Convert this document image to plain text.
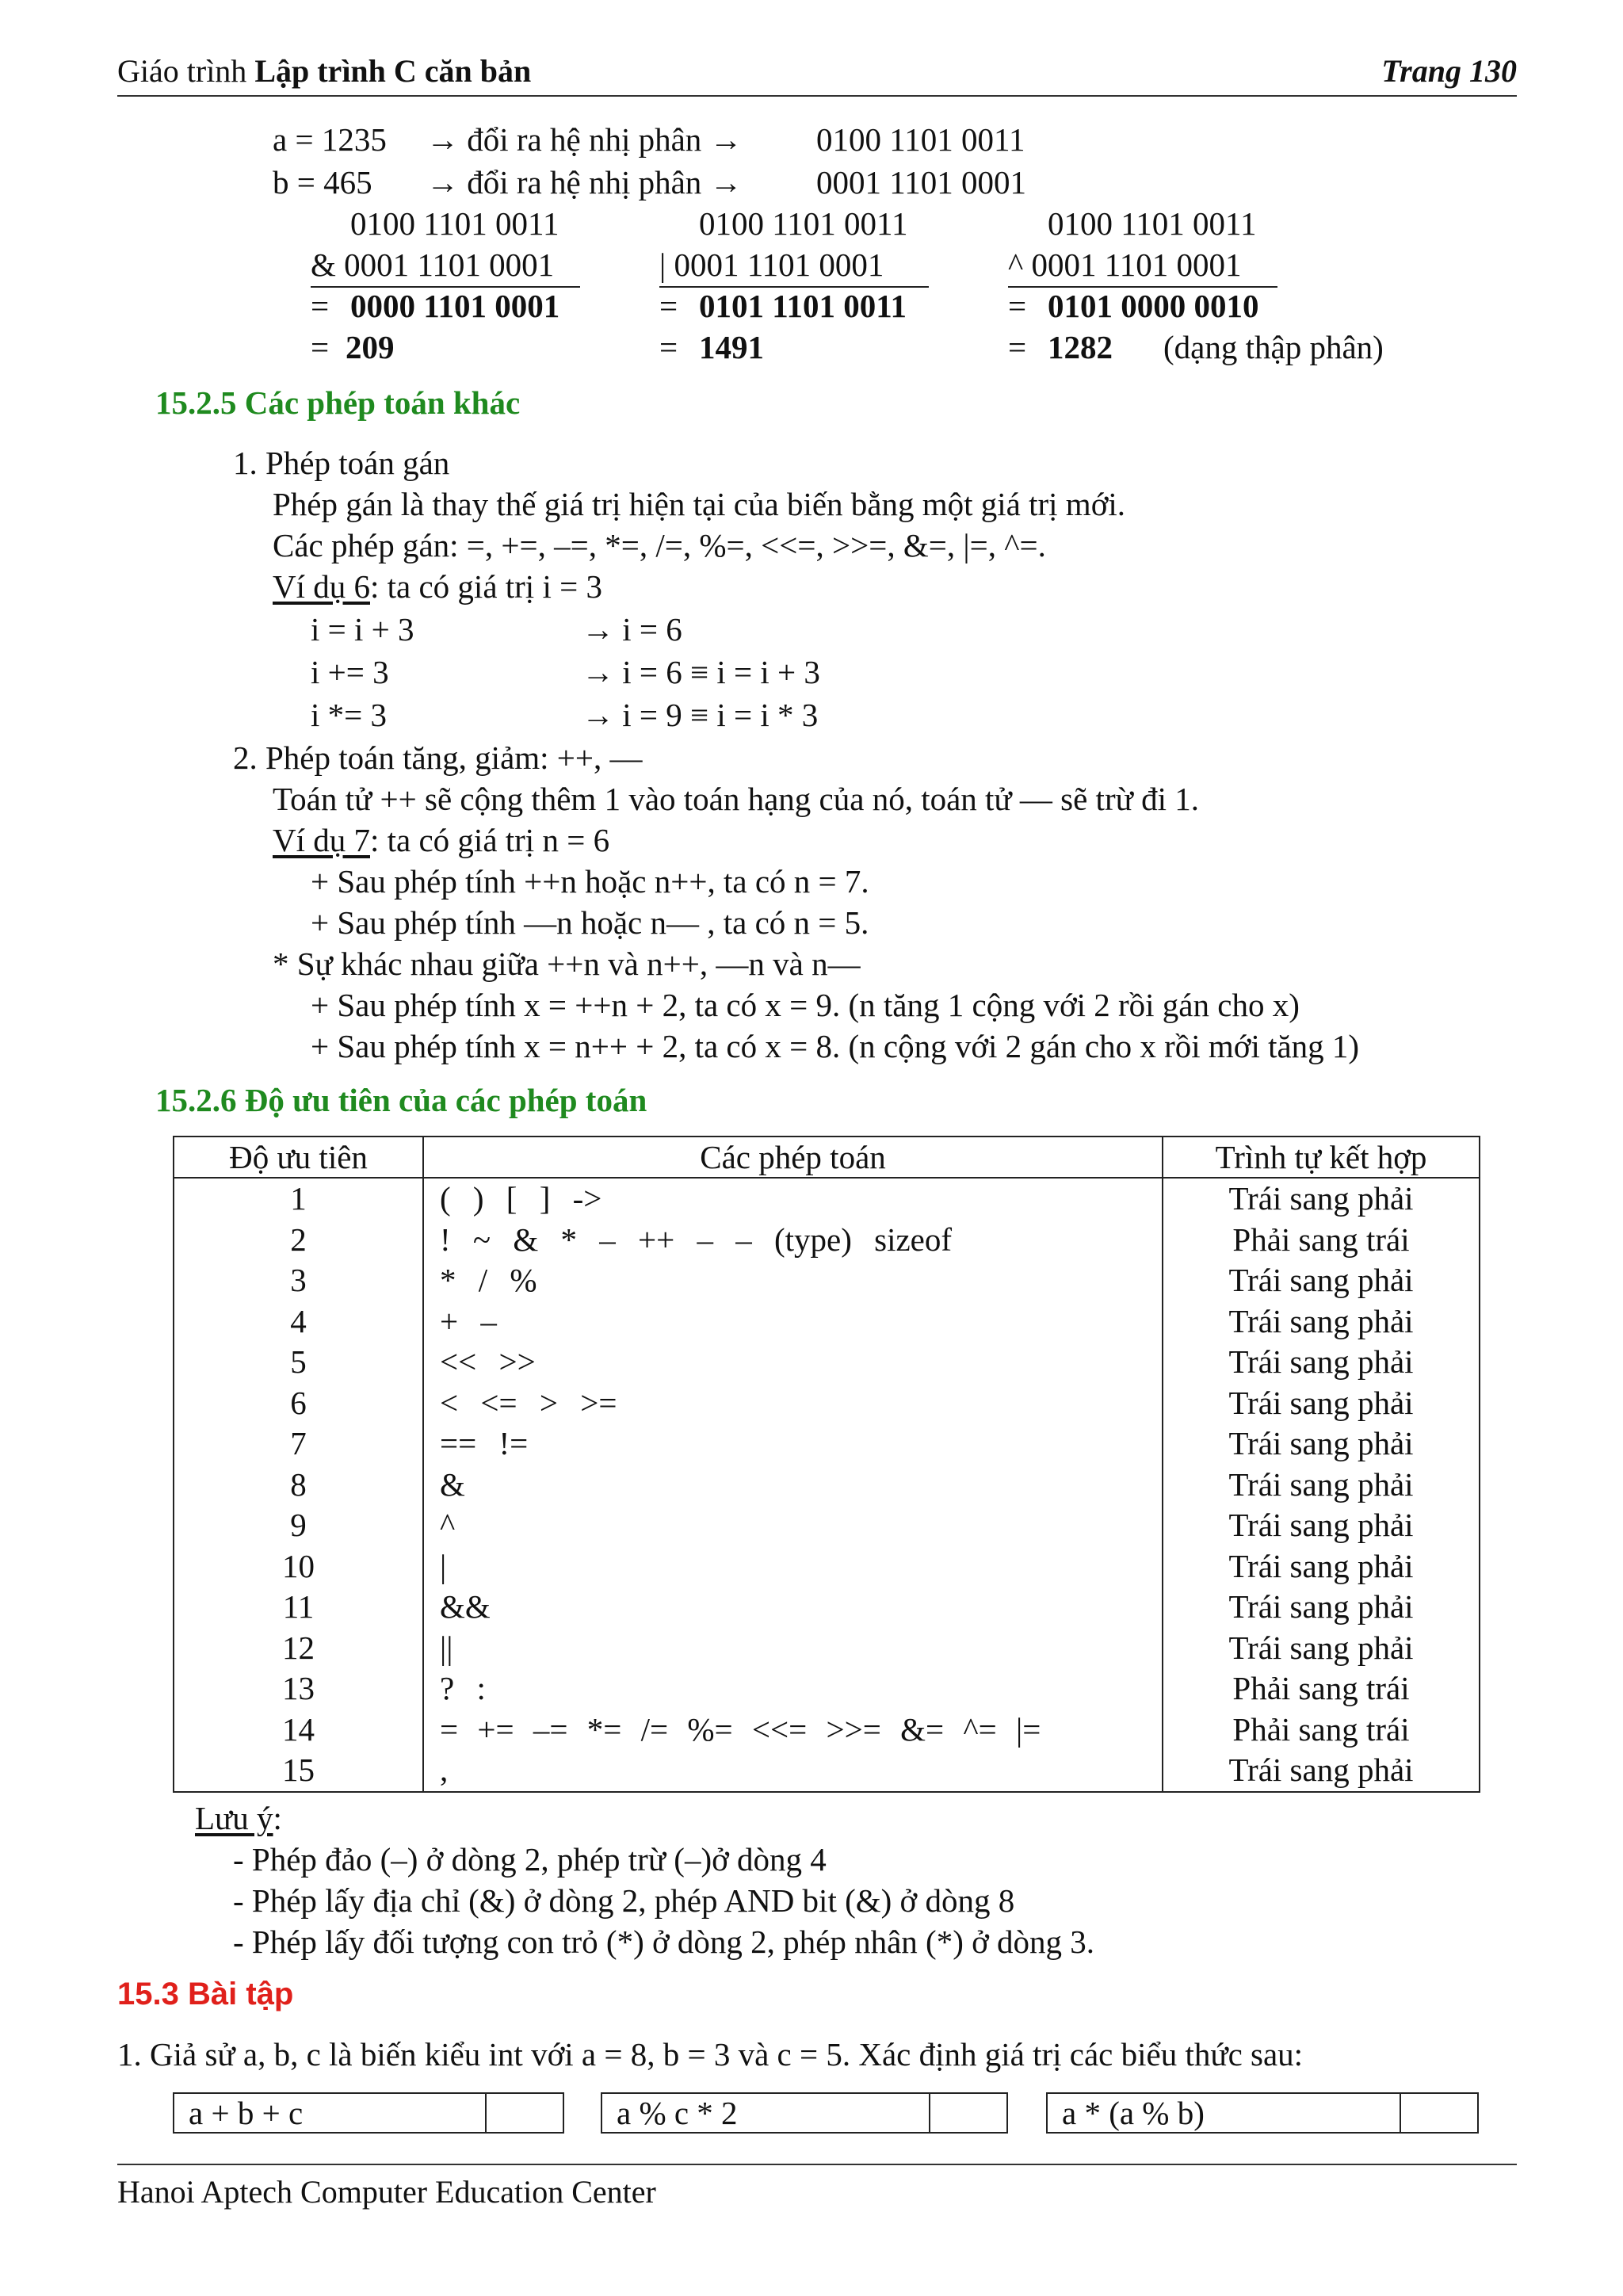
Giáo trình Lập trình C căn bản	Trang 130
a = 1235 → đổi ra hệ nhị phân → 0100 1101 0011
b = 465 → đổi ra hệ nhị phân → 0001 1101 0001
0100 1101 0011
& 0001 1101 0001
= 0000 1101 0001
= 209
0100 1101 0011
| 0001 1101 0001
= 0101 1101 0011
= 1491
0100 1101 0011
^ 0001 1101 0001
= 0101 0000 0010
= 1282 (dạng thập phân)
15.2.5 Các phép toán khác
1. Phép toán gán
Phép gán là thay thế giá trị hiện tại của biến bằng một giá trị mới.
Các phép gán: =, +=, –=, *=, /=, %=, <<=, >>=, &=, |=, ^=.
Ví dụ 6: ta có giá trị i = 3
i = i + 3	→ i = 6
i += 3	→ i = 6 ≡ i = i + 3
i *= 3	→ i = 9 ≡ i = i * 3
2. Phép toán tăng, giảm: ++, —
Toán tử ++ sẽ cộng thêm 1 vào toán hạng của nó, toán tử — sẽ trừ đi 1.
Ví dụ 7: ta có giá trị n = 6
+ Sau phép tính ++n hoặc n++, ta có n = 7.
+ Sau phép tính —n hoặc n— , ta có n = 5.
* Sự khác nhau giữa ++n và n++, —n và n—
+ Sau phép tính x = ++n + 2, ta có x = 9. (n tăng 1 cộng với 2 rồi gán cho x)
+ Sau phép tính x = n++ + 2, ta có x = 8. (n cộng với 2 gán cho x rồi mới tăng 1)
15.2.6 Độ ưu tiên của các phép toán
Độ ưu tiên	Các phép toán	Trình tự kết hợp
1	( ) [ ] ->	Trái sang phải
2	! ~ & * – ++ – – (type) sizeof	Phải sang trái
3	* / %	Trái sang phải
4	+ –	Trái sang phải
5	<< >>	Trái sang phải
6	< <= > >=	Trái sang phải
7	== !=	Trái sang phải
8	&	Trái sang phải
9	^	Trái sang phải
10	|	Trái sang phải
11	&&	Trái sang phải
12	||	Trái sang phải
13	? :	Phải sang trái
14	= += –= *= /= %= <<= >>= &= ^= |=	Phải sang trái
15	,	Trái sang phải
Lưu ý:
- Phép đảo (–) ở dòng 2, phép trừ (–)ở dòng 4
- Phép lấy địa chỉ (&) ở dòng 2, phép AND bit (&) ở dòng 8
- Phép lấy đối tượng con trỏ (*) ở dòng 2, phép nhân (*) ở dòng 3.
15.3 Bài tập
1. Giả sử a, b, c là biến kiểu int với a = 8, b = 3 và c = 5. Xác định giá trị các biểu thức sau:
a + b + c	a % c * 2	a * (a % b)
Hanoi Aptech Computer Education Center
